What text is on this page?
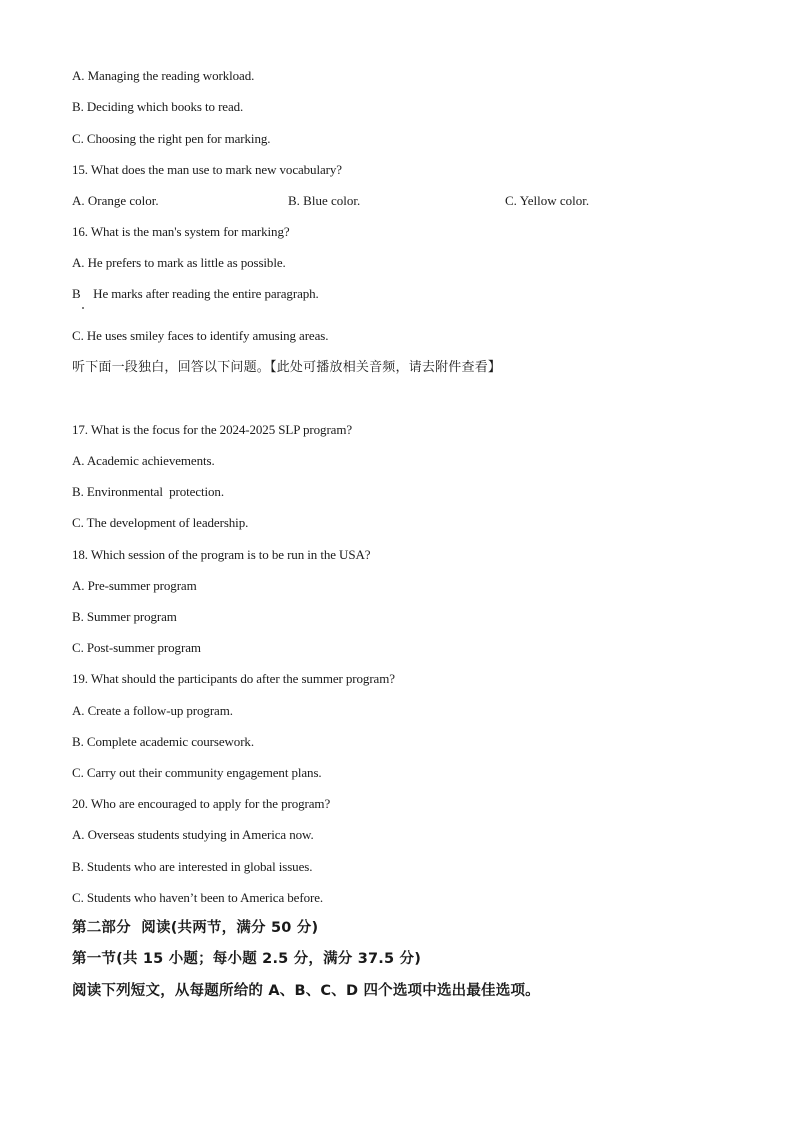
A. Managing the reading workload.
B. Deciding which books to read.
C. Choosing the right pen for marking.
15. What does the man use to mark new vocabulary?
A. Orange color.	B. Blue color.	C. Yellow color.
16. What is the man's system for marking?
A. He prefers to mark as little as possible.
B    He marks after reading the entire paragraph.
C. He uses smiley faces to identify amusing areas.
听下面一段独白，回答以下问题。【此处可播放相关音频，请去附件查看】
17. What is the focus for the 2024-2025 SLP program?
A. Academic achievements.
B. Environmental  protection.
C. The development of leadership.
18. Which session of the program is to be run in the USA?
A. Pre-summer program
B. Summer program
C. Post-summer program
19. What should the participants do after the summer program?
A. Create a follow-up program.
B. Complete academic coursework.
C. Carry out their community engagement plans.
20. Who are encouraged to apply for the program?
A. Overseas students studying in America now.
B. Students who are interested in global issues.
C. Students who haven’t been to America before.
第二部分  阅读(共两节，满分 50 分)
第一节(共 15 小题；每小题 2.5 分，满分 37.5 分)
阅读下列短文，从每题所给的 A、B、C、D 四个选项中选出最佳选项。
